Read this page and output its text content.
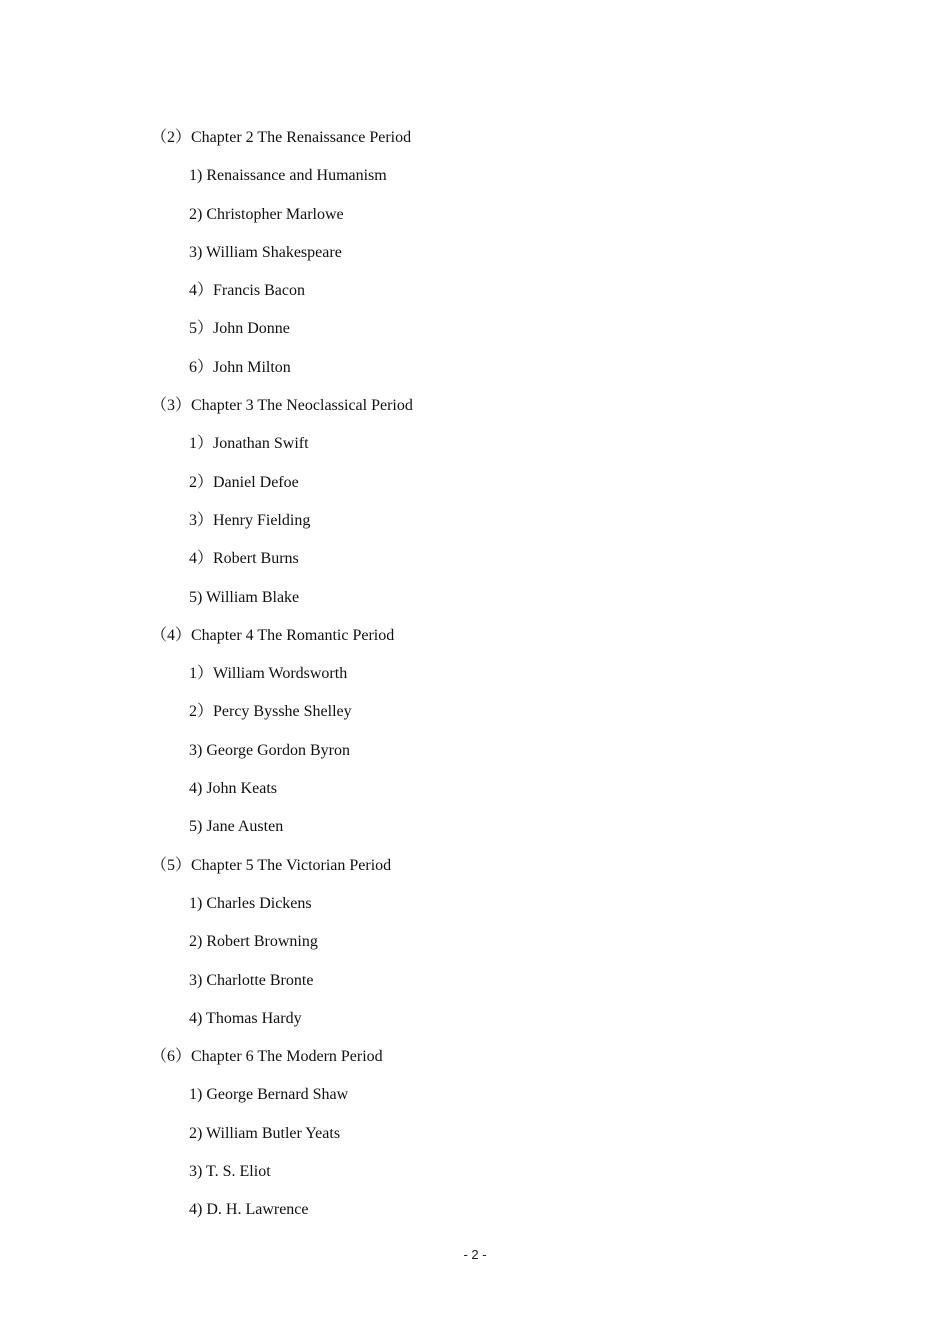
（2）Chapter 2 The Renaissance Period
1) Renaissance and Humanism
2) Christopher Marlowe
3) William Shakespeare
4）Francis Bacon
5）John Donne
6）John Milton
（3）Chapter 3 The Neoclassical Period
1）Jonathan Swift
2）Daniel Defoe
3）Henry Fielding
4）Robert Burns
5) William Blake
（4）Chapter 4 The Romantic Period
1）William Wordsworth
2）Percy Bysshe Shelley
3) George Gordon Byron
4) John Keats
5) Jane Austen
（5）Chapter 5 The Victorian Period
1) Charles Dickens
2) Robert Browning
3) Charlotte Bronte
4) Thomas Hardy
（6）Chapter 6 The Modern Period
1) George Bernard Shaw
2) William Butler Yeats
3) T. S. Eliot
4) D. H. Lawrence
- 2 -
